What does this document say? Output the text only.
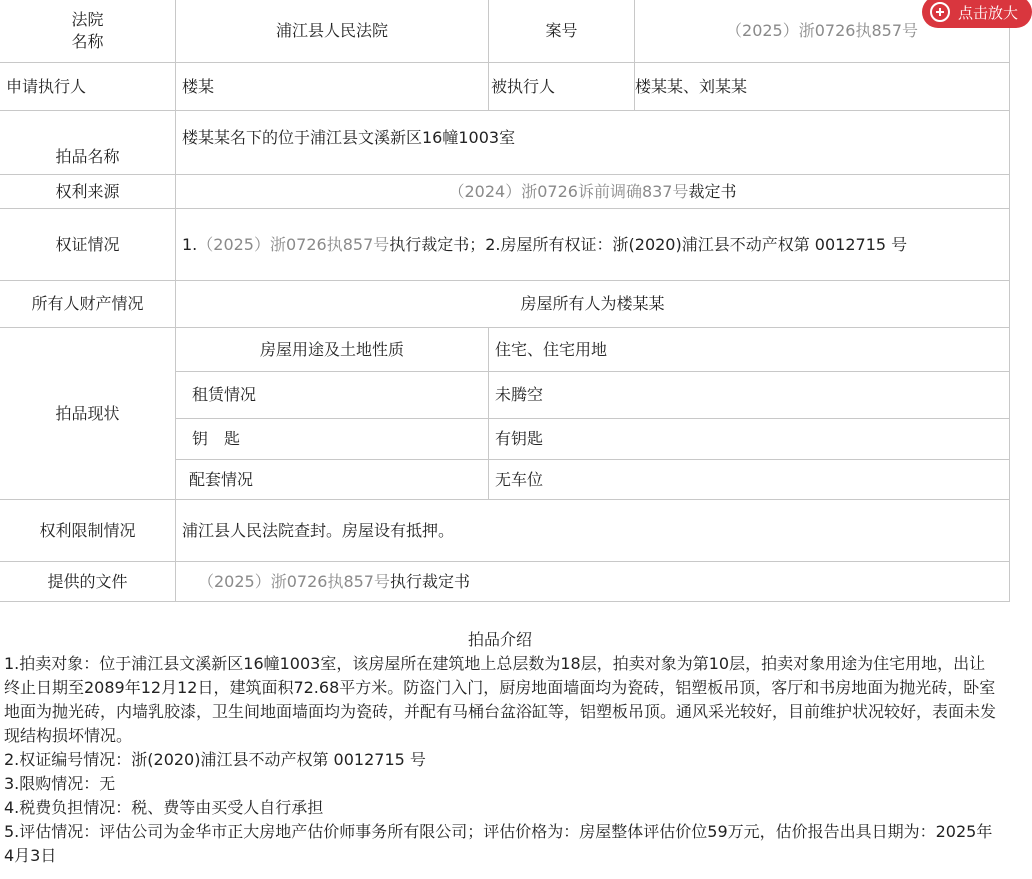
法院
名称	浦江县人民法院	案号	（2025）浙0726执857号
申请执行人	楼某	被执行人	楼某某、刘某某
拍品名称	楼某某名下的位于浦江县文溪新区16幢1003室		
权利来源	（2024）浙0726诉前调确837号裁定书		
权证情况	1.（2025）浙0726执857号执行裁定书；2.房屋所有权证：浙(2020)浦江县不动产权第 0012715 号		
所有人财产情况	房屋所有人为楼某某		
拍品现状	房屋用途及土地性质	住宅、住宅用地	
	租赁情况	未腾空	
	钥　匙	有钥匙	
	配套情况	无车位	
权利限制情况	浦江县人民法院查封。房屋设有抵押。		
提供的文件	（2025）浙0726执857号执行裁定书		
拍品介绍

1.拍卖对象：位于浦江县文溪新区16幢1003室，该房屋所在建筑地上总层数为18层，拍卖对象为第10层，拍卖对象用途为住宅用地，出让终止日期至2089年12月12日，建筑面积72.68平方米。防盗门入门，厨房地面墙面均为瓷砖，铝塑板吊顶，客厅和书房地面为抛光砖，卧室地面为抛光砖，内墙乳胶漆，卫生间地面墙面均为瓷砖，并配有马桶台盆浴缸等，铝塑板吊顶。通风采光较好，目前维护状况较好，表面未发现结构损坏情况。

2.权证编号情况：浙(2020)浦江县不动产权第 0012715 号

3.限购情况：无

4.税费负担情况：税、费等由买受人自行承担

5.评估情况：评估公司为金华市正大房地产估价师事务所有限公司；评估价格为：房屋整体评估价位59万元，估价报告出具日期为：2025年4月3日

点击放大
